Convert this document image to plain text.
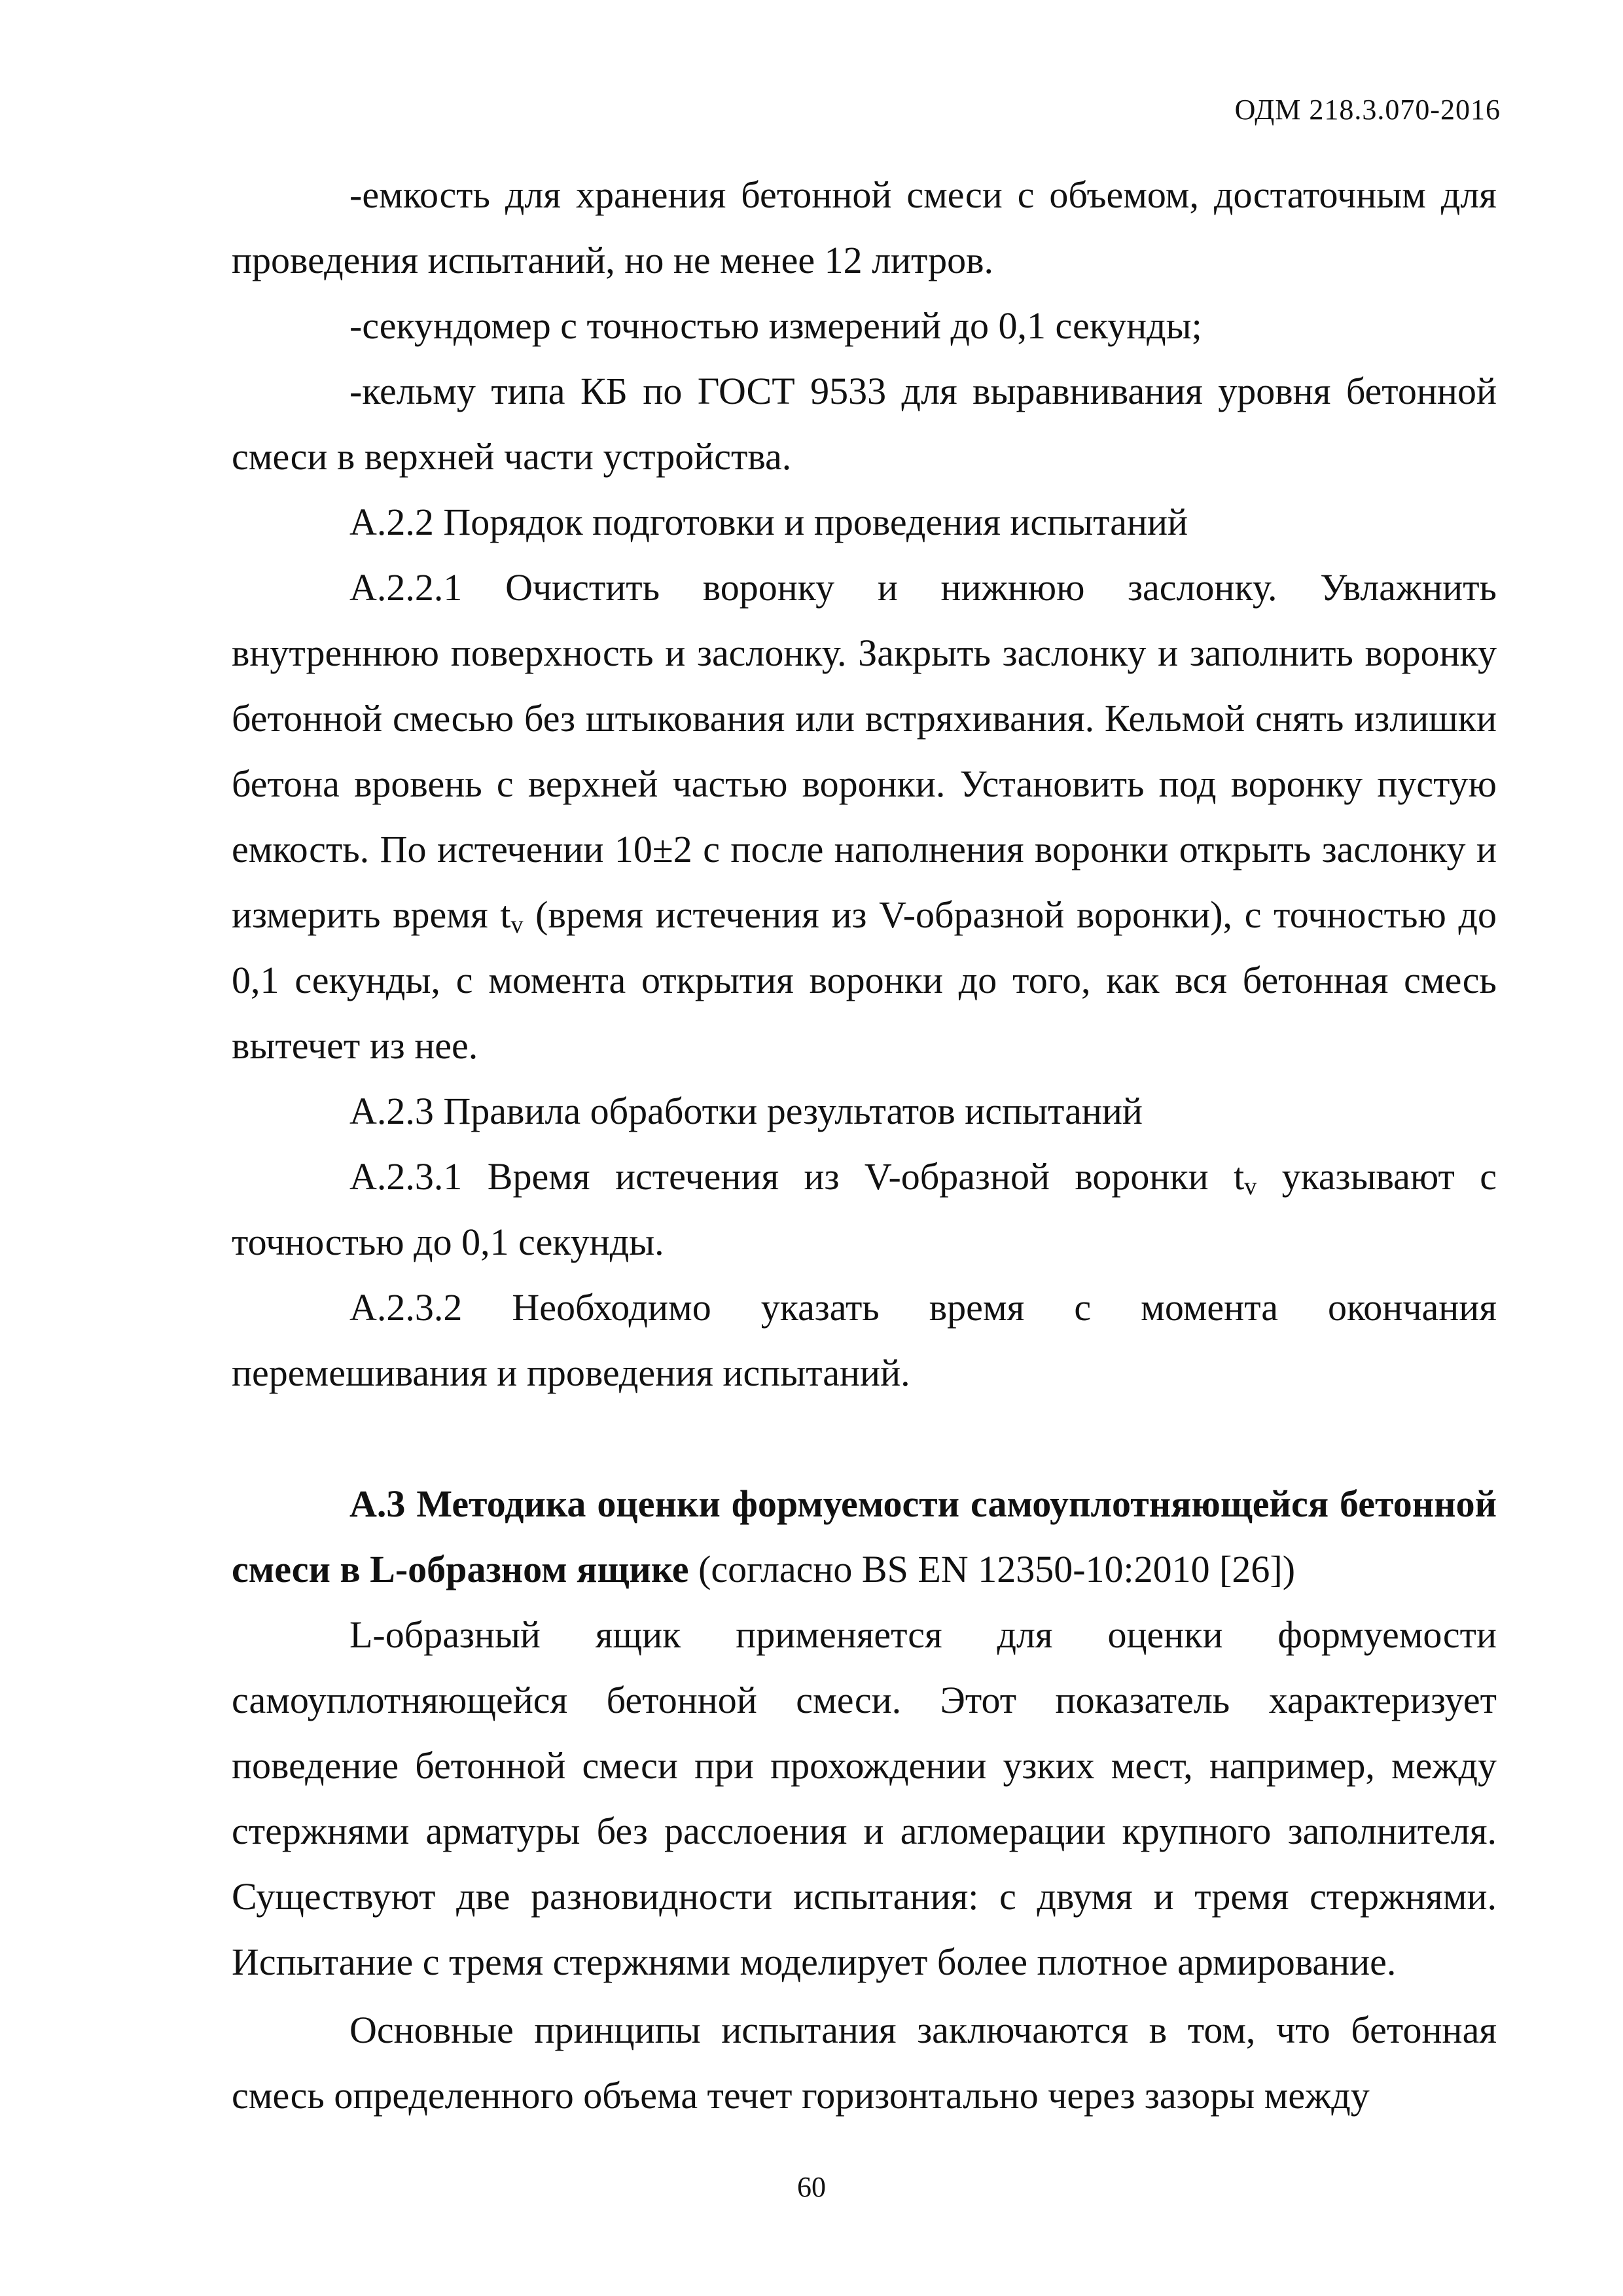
ОДМ 218.3.070-2016

-емкость для хранения бетонной смеси с объемом, достаточным для проведения испытаний, но не менее 12 литров.

-секундомер с точностью измерений до 0,1 секунды;

-кельму типа КБ по ГОСТ 9533 для выравнивания уровня бетонной смеси в верхней части устройства.

А.2.2 Порядок подготовки и проведения испытаний

А.2.2.1 Очистить воронку и нижнюю заслонку. Увлажнить внутреннюю поверхность и заслонку. Закрыть заслонку и заполнить воронку бетонной смесью без штыкования или встряхивания. Кельмой снять излишки бетона вровень с верхней частью воронки. Установить под воронку пустую емкость. По истечении 10±2 с после наполнения воронки открыть заслонку и измерить время $t_v$ (время истечения из V-образной воронки), с точностью до 0,1 секунды, с момента открытия воронки до того, как вся бетонная смесь вытечет из нее.

А.2.3 Правила обработки результатов испытаний

А.2.3.1 Время истечения из V-образной воронки $t_v$ указывают с точностью до 0,1 секунды.

А.2.3.2 Необходимо указать время с момента окончания перемешивания и проведения испытаний.

А.3 Методика оценки формуемости самоуплотняющейся бетонной смеси в L-образном ящике (согласно BS EN 12350-10:2010 [26])

L-образный ящик применяется для оценки формуемости самоуплотняющейся бетонной смеси. Этот показатель характеризует поведение бетонной смеси при прохождении узких мест, например, между стержнями арматуры без расслоения и агломерации крупного заполнителя. Существуют две разновидности испытания: с двумя и тремя стержнями. Испытание с тремя стержнями моделирует более плотное армирование.

Основные принципы испытания заключаются в том, что бетонная смесь определенного объема течет горизонтально через зазоры между

60
